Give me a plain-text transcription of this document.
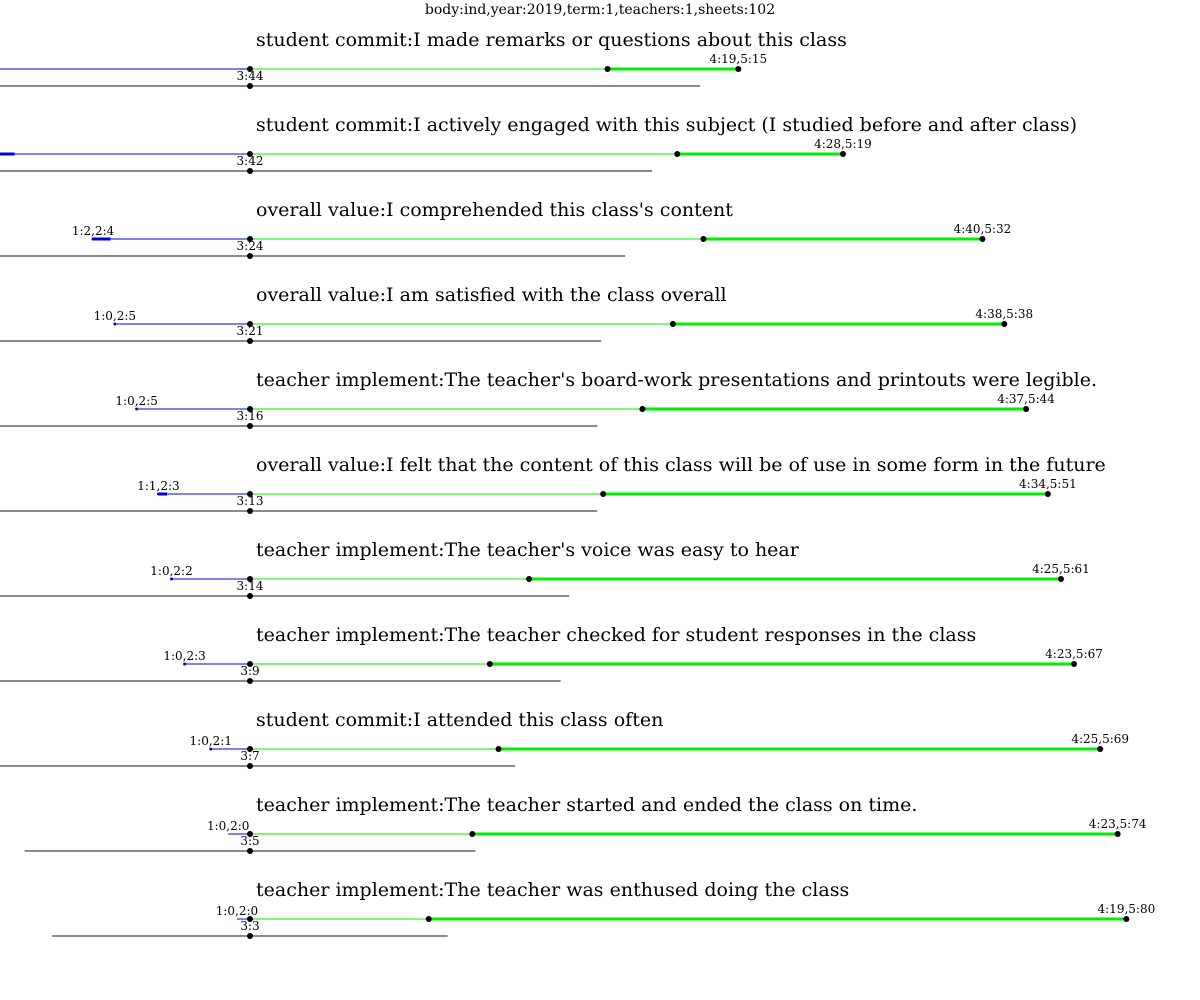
body:ind,year:2019,term:1,teachers:1,sheets:102
student commit:I made remarks or questions about this class
3:44
4:19,5:15
student commit:I actively engaged with this subject (I studied before and after class)
3:42
4:28,5:19
overall value:I comprehended this class's content
1:2,2:4
3:24
4:40,5:32
overall value:I am satisfied with the class overall
1:0,2:5
3:21
4:38,5:38
teacher implement:The teacher's board-work presentations and printouts were legible.
1:0,2:5
3:16
4:37,5:44
overall value:I felt that the content of this class will be of use in some form in the future
1:1,2:3
3:13
4:34,5:51
teacher implement:The teacher's voice was easy to hear
1:0,2:2
3:14
4:25,5:61
teacher implement:The teacher checked for student responses in the class
1:0,2:3
3:9
4:23,5:67
student commit:I attended this class often
1:0,2:1
3:7
4:25,5:69
teacher implement:The teacher started and ended the class on time.
1:0,2:0
3:5
4:23,5:74
teacher implement:The teacher was enthused doing the class
1:0,2:0
3:3
4:19,5:80
